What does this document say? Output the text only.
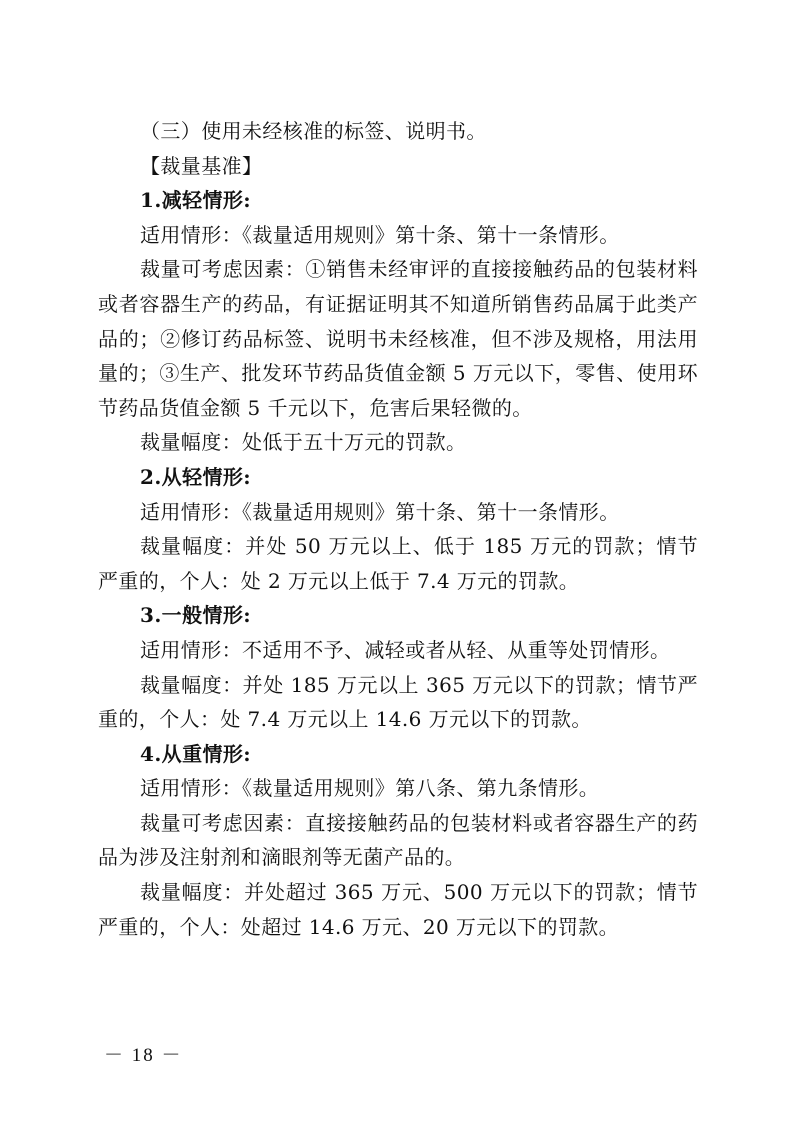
（三）使用未经核准的标签、说明书。

【裁量基准】

1.减轻情形:

适用情形：《裁量适用规则》第十条、第十一条情形。

裁量可考虑因素：①销售未经审评的直接接触药品的包装材料或者容器生产的药品，有证据证明其不知道所销售药品属于此类产品的；②修订药品标签、说明书未经核准，但不涉及规格，用法用量的；③生产、批发环节药品货值金额 5 万元以下，零售、使用环节药品货值金额 5 千元以下，危害后果轻微的。

裁量幅度：处低于五十万元的罚款。

2.从轻情形:

适用情形：《裁量适用规则》第十条、第十一条情形。

裁量幅度：并处 50 万元以上、低于 185 万元的罚款；情节严重的，个人：处 2 万元以上低于 7.4 万元的罚款。

3.一般情形:

适用情形：不适用不予、减轻或者从轻、从重等处罚情形。

裁量幅度：并处 185 万元以上 365 万元以下的罚款；情节严重的，个人：处 7.4 万元以上 14.6 万元以下的罚款。

4.从重情形:

适用情形：《裁量适用规则》第八条、第九条情形。

裁量可考虑因素：直接接触药品的包装材料或者容器生产的药品为涉及注射剂和滴眼剂等无菌产品的。

裁量幅度：并处超过 365 万元、500 万元以下的罚款；情节严重的，个人：处超过 14.6 万元、20 万元以下的罚款。

－ 18 －
